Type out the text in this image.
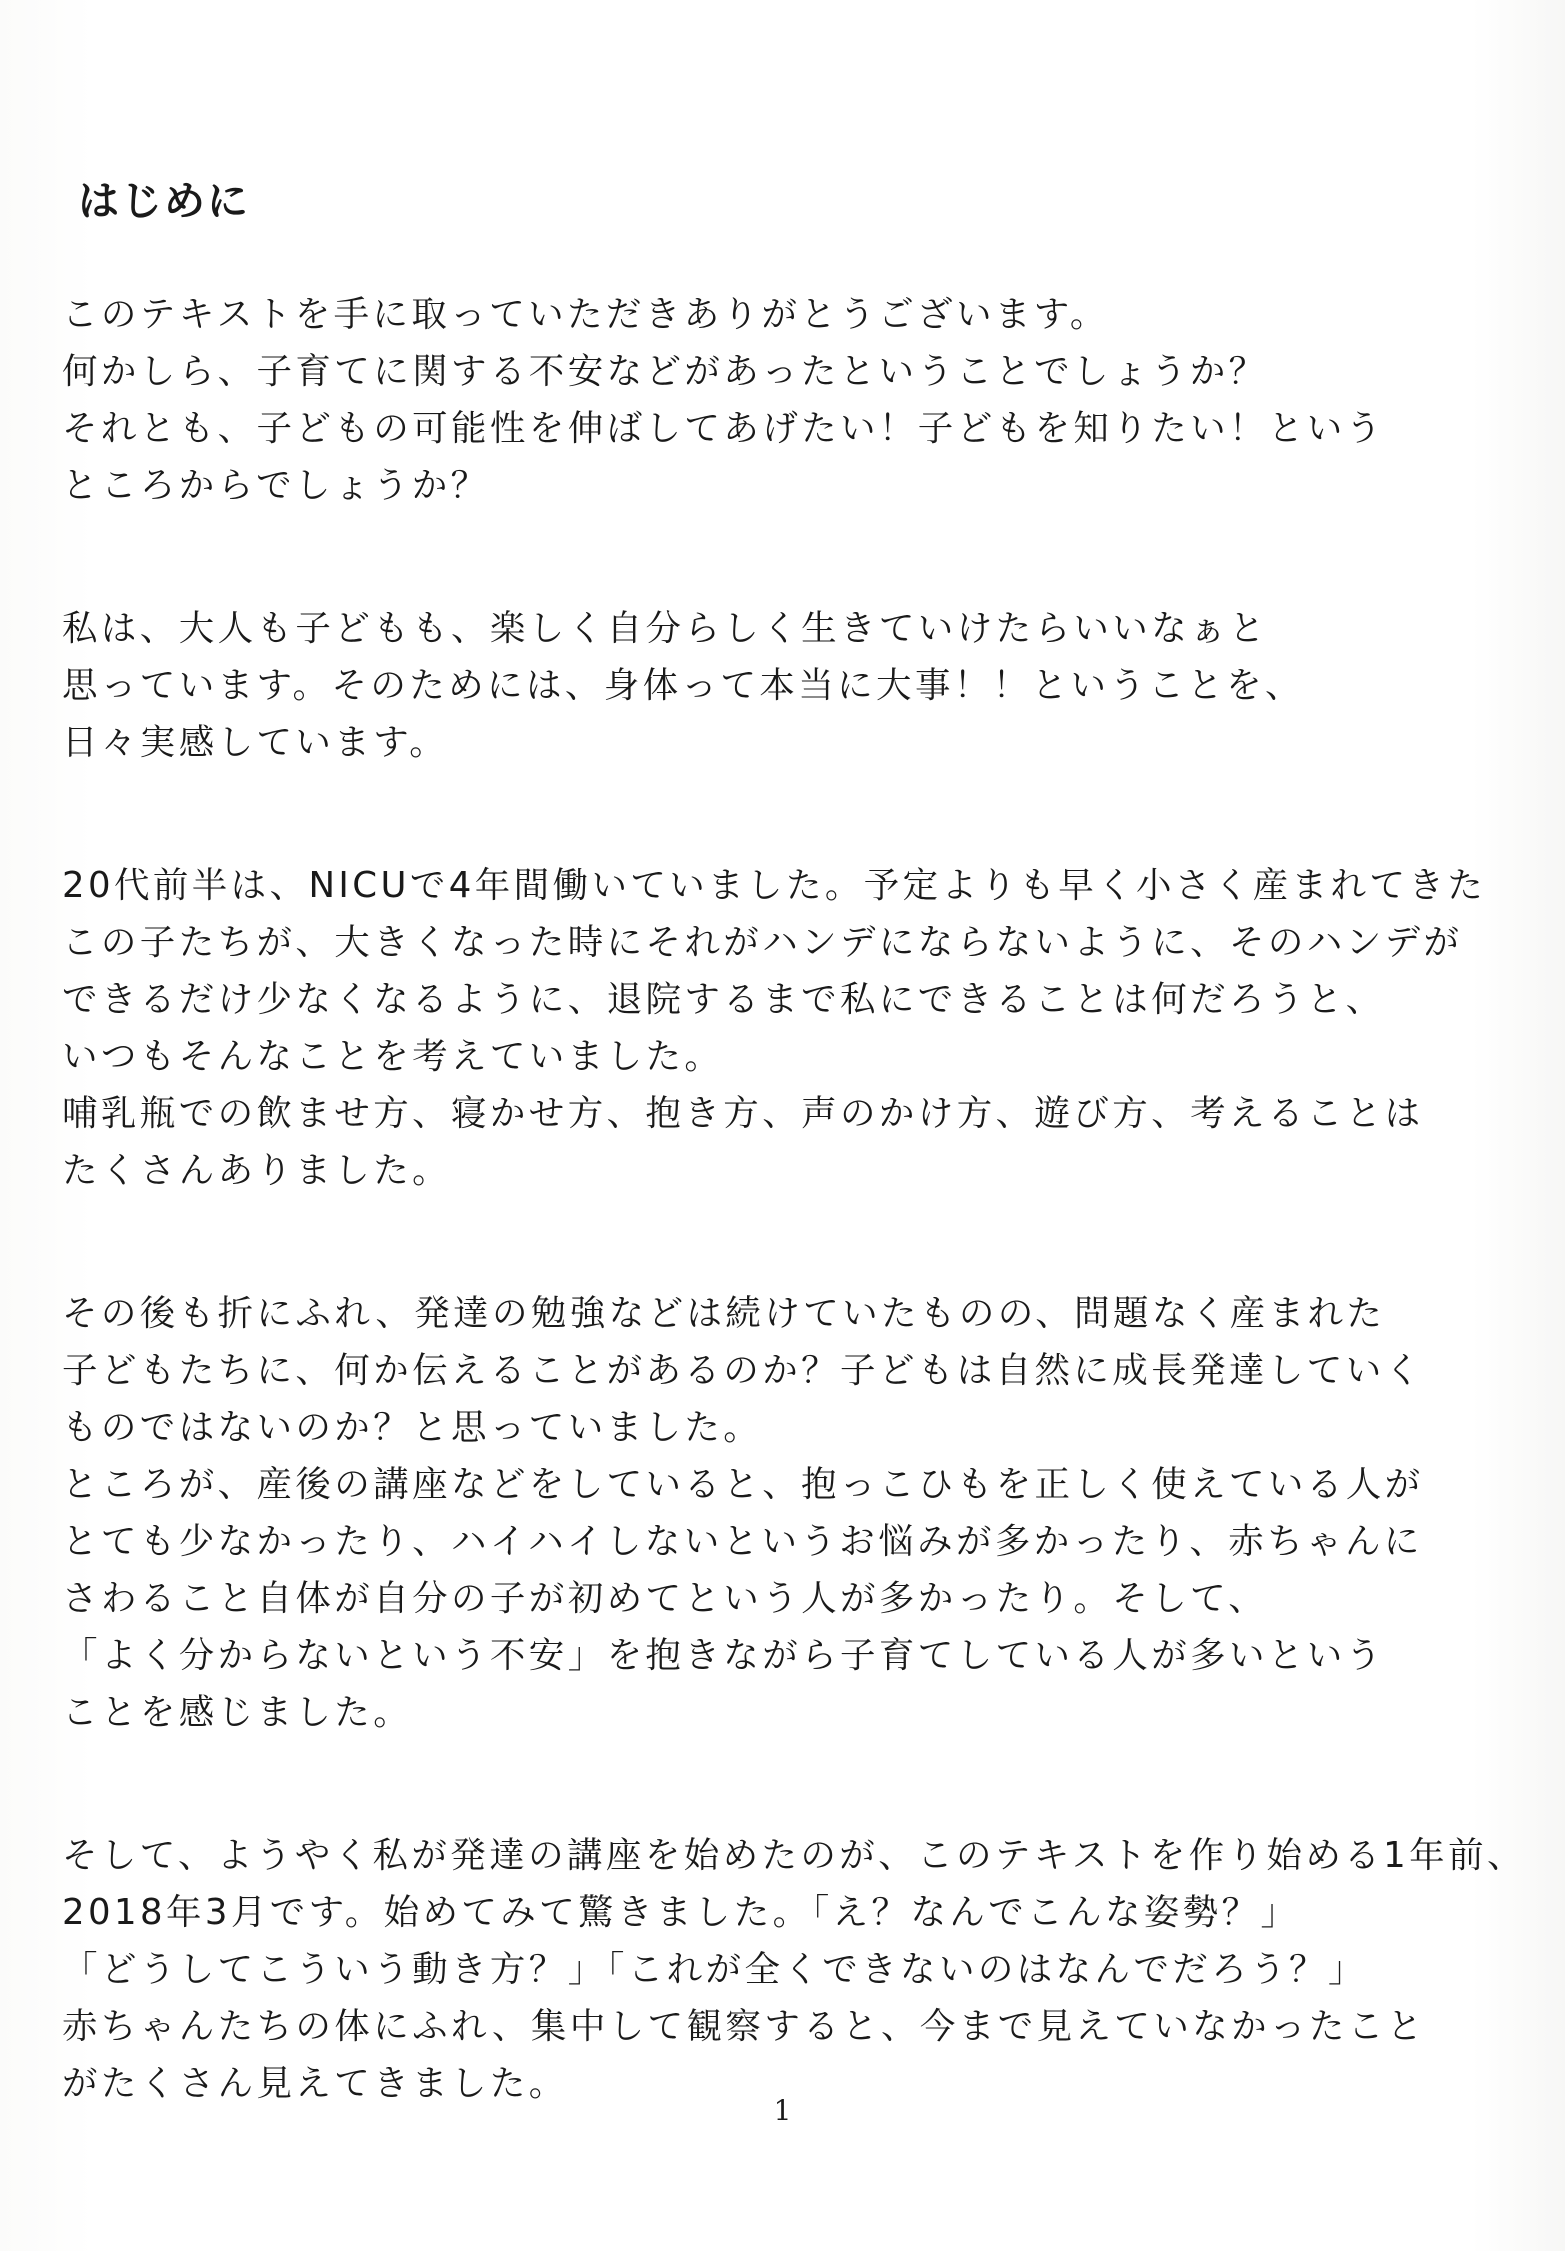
はじめに

このテキストを手に取っていただきありがとうございます。
何かしら、子育てに関する不安などがあったということでしょうか？
それとも、子どもの可能性を伸ばしてあげたい！子どもを知りたい！という
ところからでしょうか？

私は、大人も子どもも、楽しく自分らしく生きていけたらいいなぁと
思っています。そのためには、身体って本当に大事！！ということを、
日々実感しています。

20代前半は、NICUで4年間働いていました。予定よりも早く小さく産まれてきた
この子たちが、大きくなった時にそれがハンデにならないように、そのハンデが
できるだけ少なくなるように、退院するまで私にできることは何だろうと、
いつもそんなことを考えていました。
哺乳瓶での飲ませ方、寝かせ方、抱き方、声のかけ方、遊び方、考えることは
たくさんありました。

その後も折にふれ、発達の勉強などは続けていたものの、問題なく産まれた
子どもたちに、何か伝えることがあるのか？子どもは自然に成長発達していく
ものではないのか？と思っていました。
ところが、産後の講座などをしていると、抱っこひもを正しく使えている人が
とても少なかったり、ハイハイしないというお悩みが多かったり、赤ちゃんに
さわること自体が自分の子が初めてという人が多かったり。そして、
「よく分からないという不安」を抱きながら子育てしている人が多いという
ことを感じました。

そして、ようやく私が発達の講座を始めたのが、このテキストを作り始める1年前、
2018年3月です。始めてみて驚きました。「え？なんでこんな姿勢？」
「どうしてこういう動き方？」「これが全くできないのはなんでだろう？」
赤ちゃんたちの体にふれ、集中して観察すると、今まで見えていなかったこと
がたくさん見えてきました。

1
